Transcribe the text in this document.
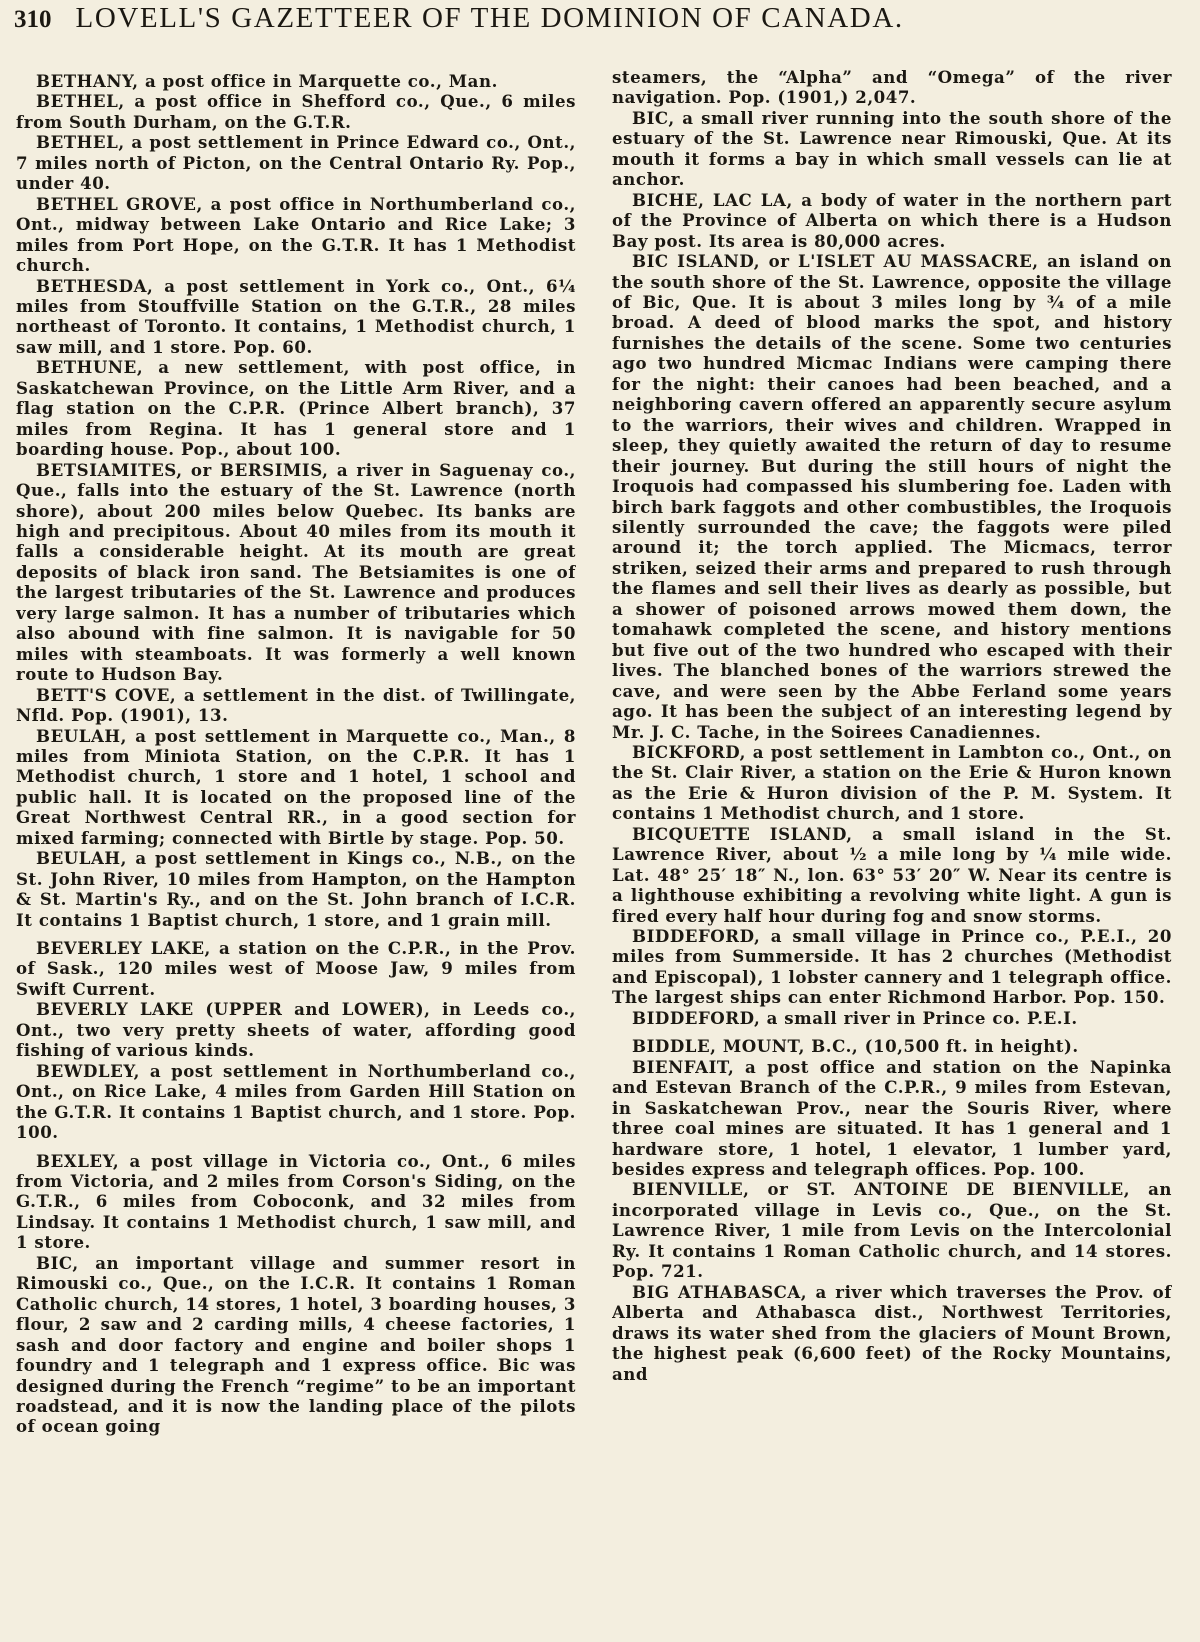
310 LOVELL'S GAZETTEER OF THE DOMINION OF CANADA.

BETHANY, a post office in Marquette co., Man.

BETHEL, a post office in Shefford co., Que., 6 miles from South Durham, on the G.T.R.

BETHEL, a post settlement in Prince Edward co., Ont., 7 miles north of Picton, on the Central Ontario Ry. Pop., under 40.

BETHEL GROVE, a post office in Northumberland co., Ont., midway between Lake Ontario and Rice Lake; 3 miles from Port Hope, on the G.T.R. It has 1 Methodist church.

BETHESDA, a post settlement in York co., Ont., 6¼ miles from Stouffville Station on the G.T.R., 28 miles northeast of Toronto. It contains, 1 Methodist church, 1 saw mill, and 1 store. Pop. 60.

BETHUNE, a new settlement, with post office, in Saskatchewan Province, on the Little Arm River, and a flag station on the C.P.R. (Prince Albert branch), 37 miles from Regina. It has 1 general store and 1 boarding house. Pop., about 100.

BETSIAMITES, or BERSIMIS, a river in Saguenay co., Que., falls into the estuary of the St. Lawrence (north shore), about 200 miles below Quebec. Its banks are high and precipitous. About 40 miles from its mouth it falls a considerable height. At its mouth are great deposits of black iron sand. The Betsiamites is one of the largest tributaries of the St. Lawrence and produces very large salmon. It has a number of tributaries which also abound with fine salmon. It is navigable for 50 miles with steamboats. It was formerly a well known route to Hudson Bay.

BETT'S COVE, a settlement in the dist. of Twillingate, Nfld. Pop. (1901), 13.

BEULAH, a post settlement in Marquette co., Man., 8 miles from Miniota Station, on the C.P.R. It has 1 Methodist church, 1 store and 1 hotel, 1 school and public hall. It is located on the proposed line of the Great Northwest Central RR., in a good section for mixed farming; connected with Birtle by stage. Pop. 50.

BEULAH, a post settlement in Kings co., N.B., on the St. John River, 10 miles from Hampton, on the Hampton & St. Martin's Ry., and on the St. John branch of I.C.R. It contains 1 Baptist church, 1 store, and 1 grain mill.

BEVERLEY LAKE, a station on the C.P.R., in the Prov. of Sask., 120 miles west of Moose Jaw, 9 miles from Swift Current.

BEVERLY LAKE (UPPER and LOWER), in Leeds co., Ont., two very pretty sheets of water, affording good fishing of various kinds.

BEWDLEY, a post settlement in Northumberland co., Ont., on Rice Lake, 4 miles from Garden Hill Station on the G.T.R. It contains 1 Baptist church, and 1 store. Pop. 100.

BEXLEY, a post village in Victoria co., Ont., 6 miles from Victoria, and 2 miles from Corson's Siding, on the G.T.R., 6 miles from Coboconk, and 32 miles from Lindsay. It contains 1 Methodist church, 1 saw mill, and 1 store.

BIC, an important village and summer resort in Rimouski co., Que., on the I.C.R. It contains 1 Roman Catholic church, 14 stores, 1 hotel, 3 boarding houses, 3 flour, 2 saw and 2 carding mills, 4 cheese factories, 1 sash and door factory and engine and boiler shops 1 foundry and 1 telegraph and 1 express office. Bic was designed during the French “regime” to be an important roadstead, and it is now the landing place of the pilots of ocean going

steamers, the “Alpha” and “Omega” of the river navigation. Pop. (1901,) 2,047.

BIC, a small river running into the south shore of the estuary of the St. Lawrence near Rimouski, Que. At its mouth it forms a bay in which small vessels can lie at anchor.

BICHE, LAC LA, a body of water in the northern part of the Province of Alberta on which there is a Hudson Bay post. Its area is 80,000 acres.

BIC ISLAND, or L'ISLET AU MASSACRE, an island on the south shore of the St. Lawrence, opposite the village of Bic, Que. It is about 3 miles long by ¾ of a mile broad. A deed of blood marks the spot, and history furnishes the details of the scene. Some two centuries ago two hundred Micmac Indians were camping there for the night: their canoes had been beached, and a neighboring cavern offered an apparently secure asylum to the warriors, their wives and children. Wrapped in sleep, they quietly awaited the return of day to resume their journey. But during the still hours of night the Iroquois had compassed his slumbering foe. Laden with birch bark faggots and other combustibles, the Iroquois silently surrounded the cave; the faggots were piled around it; the torch applied. The Micmacs, terror striken, seized their arms and prepared to rush through the flames and sell their lives as dearly as possible, but a shower of poisoned arrows mowed them down, the tomahawk completed the scene, and history mentions but five out of the two hundred who escaped with their lives. The blanched bones of the warriors strewed the cave, and were seen by the Abbe Ferland some years ago. It has been the subject of an interesting legend by Mr. J. C. Tache, in the Soirees Canadiennes.

BICKFORD, a post settlement in Lambton co., Ont., on the St. Clair River, a station on the Erie & Huron known as the Erie & Huron division of the P. M. System. It contains 1 Methodist church, and 1 store.

BICQUETTE ISLAND, a small island in the St. Lawrence River, about ½ a mile long by ¼ mile wide. Lat. 48° 25′ 18″ N., lon. 63° 53′ 20″ W. Near its centre is a lighthouse exhibiting a revolving white light. A gun is fired every half hour during fog and snow storms.

BIDDEFORD, a small village in Prince co., P.E.I., 20 miles from Summerside. It has 2 churches (Methodist and Episcopal), 1 lobster cannery and 1 telegraph office. The largest ships can enter Richmond Harbor. Pop. 150.

BIDDEFORD, a small river in Prince co. P.E.I.

BIDDLE, MOUNT, B.C., (10,500 ft. in height).

BIENFAIT, a post office and station on the Napinka and Estevan Branch of the C.P.R., 9 miles from Estevan, in Saskatchewan Prov., near the Souris River, where three coal mines are situated. It has 1 general and 1 hardware store, 1 hotel, 1 elevator, 1 lumber yard, besides express and telegraph offices. Pop. 100.

BIENVILLE, or ST. ANTOINE DE BIENVILLE, an incorporated village in Levis co., Que., on the St. Lawrence River, 1 mile from Levis on the Intercolonial Ry. It contains 1 Roman Catholic church, and 14 stores. Pop. 721.

BIG ATHABASCA, a river which traverses the Prov. of Alberta and Athabasca dist., Northwest Territories, draws its water shed from the glaciers of Mount Brown, the highest peak (6,600 feet) of the Rocky Mountains, and
